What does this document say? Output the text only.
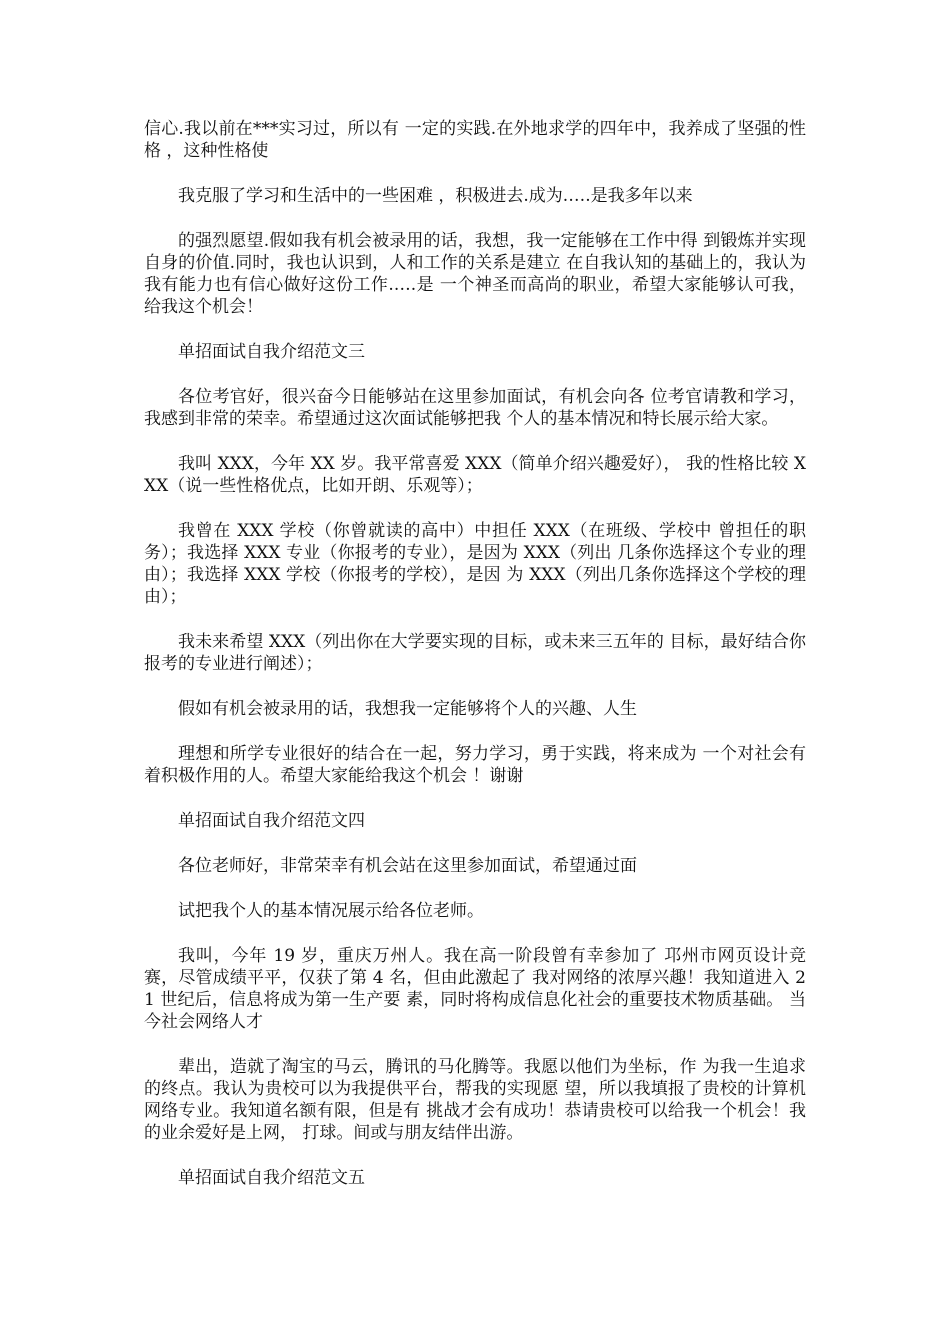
信心.我以前在***实习过，所以有 一定的实践.在外地求学的四年中，我养成了坚强的性格 ，这种性格使

我克服了学习和生活中的一些困难 ，积极进去.成为.….是我多年以来

的强烈愿望.假如我有机会被录用的话，我想，我一定能够在工作中得 到锻炼并实现自身的价值.同时，我也认识到，人和工作的关系是建立 在自我认知的基础上的，我认为我有能力也有信心做好这份工作.….是 一个神圣而高尚的职业，希望大家能够认可我，给我这个机会！

单招面试自我介绍范文三

各位考官好，很兴奋今日能够站在这里参加面试，有机会向各 位考官请教和学习，我感到非常的荣幸。希望通过这次面试能够把我 个人的基本情况和特长展示给大家。

我叫 XXX，今年 XX 岁。我平常喜爱 XXX（简单介绍兴趣爱好）， 我的性格比较 XXX（说一些性格优点，比如开朗、乐观等）；

我曾在 XXX 学校（你曾就读的高中）中担任 XXX（在班级、学校中 曾担任的职务）；我选择 XXX 专业（你报考的专业），是因为 XXX（列出 几条你选择这个专业的理由）；我选择 XXX 学校（你报考的学校），是因 为 XXX（列出几条你选择这个学校的理由）；

我未来希望 XXX（列出你在大学要实现的目标，或未来三五年的 目标，最好结合你报考的专业进行阐述）；

假如有机会被录用的话，我想我一定能够将个人的兴趣、人生

理想和所学专业很好的结合在一起，努力学习，勇于实践，将来成为 一个对社会有着积极作用的人。希望大家能给我这个机会 ！谢谢

单招面试自我介绍范文四

各位老师好，非常荣幸有机会站在这里参加面试，希望通过面

试把我个人的基本情况展示给各位老师。

我叫，今年 19 岁，重庆万州人。我在高一阶段曾有幸参加了 邛州市网页设计竞赛，尽管成绩平平，仅获了第 4 名，但由此激起了 我对网络的浓厚兴趣！我知道进入 21 世纪后，信息将成为第一生产要 素，同时将构成信息化社会的重要技术物质基础。 当今社会网络人才

辈出，造就了淘宝的马云，腾讯的马化腾等。我愿以他们为坐标，作 为我一生追求的终点。我认为贵校可以为我提供平台，帮我的实现愿 望，所以我填报了贵校的计算机网络专业。我知道名额有限，但是有 挑战才会有成功！恭请贵校可以给我一个机会！我的业余爱好是上网， 打球。间或与朋友结伴出游。

单招面试自我介绍范文五
